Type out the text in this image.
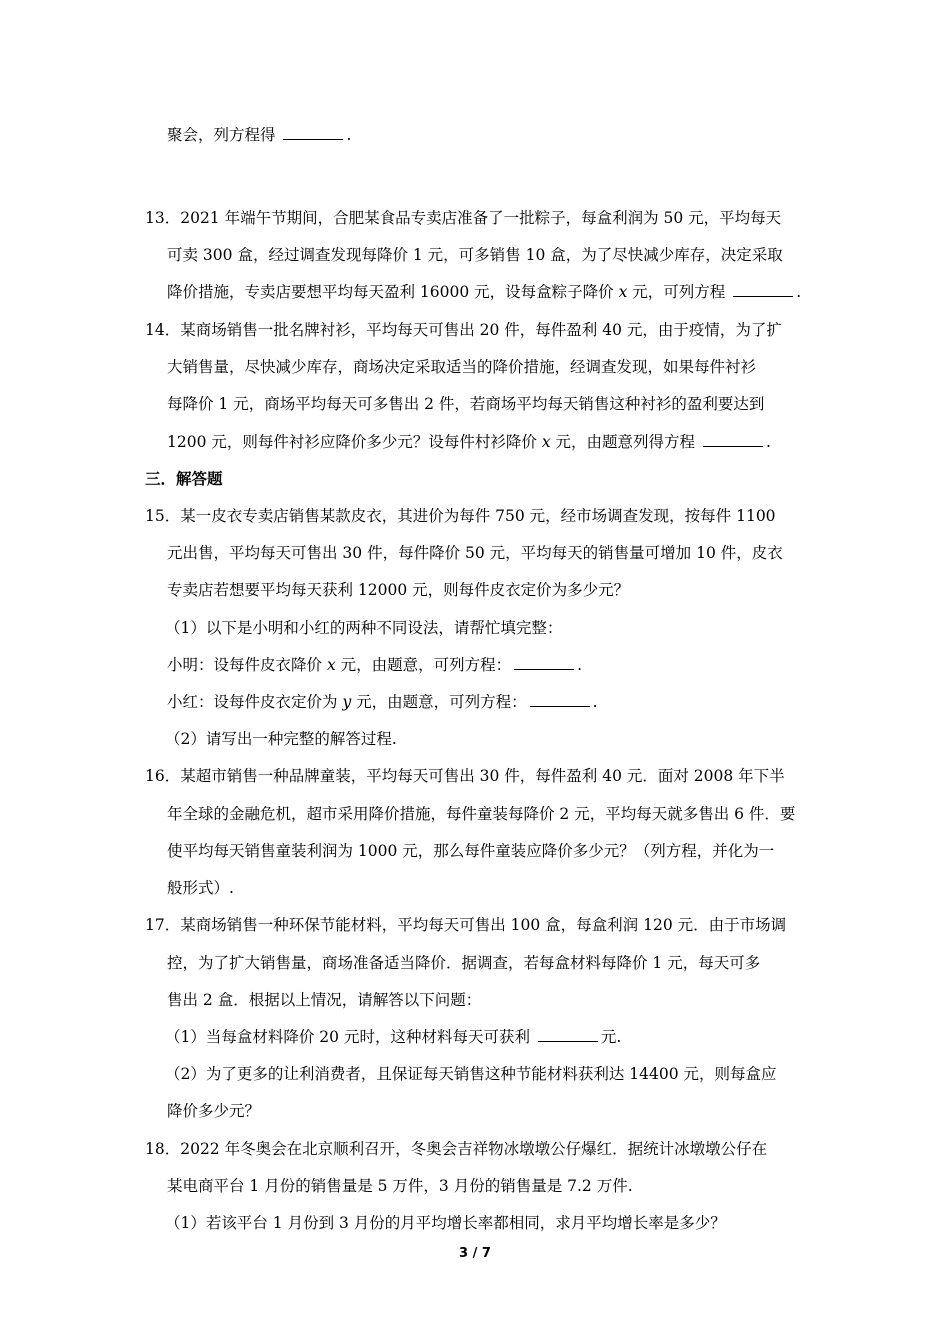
聚会，列方程得	.
13．2021 年端午节期间，合肥某食品专卖店准备了一批粽子，每盒利润为 50 元，平均每天
可卖 300 盒，经过调查发现每降价 1 元，可多销售 10 盒，为了尽快减少库存，决定采取
降价措施，专卖店要想平均每天盈利 16000 元，设每盒粽子降价 x 元，可列方程	.
14．某商场销售一批名牌衬衫，平均每天可售出 20 件，每件盈利 40 元，由于疫情，为了扩
大销售量，尽快减少库存，商场决定采取适当的降价措施，经调查发现，如果每件衬衫
每降价 1 元，商场平均每天可多售出 2 件，若商场平均每天销售这种衬衫的盈利要达到
1200 元，则每件衬衫应降价多少元？设每件村衫降价 x 元，由题意列得方程	.
三．解答题
15．某一皮衣专卖店销售某款皮衣，其进价为每件 750 元，经市场调查发现，按每件 1100
元出售，平均每天可售出 30 件，每件降价 50 元，平均每天的销售量可增加 10 件，皮衣
专卖店若想要平均每天获利 12000 元，则每件皮衣定价为多少元？
（1）以下是小明和小红的两种不同设法，请帮忙填完整：
小明：设每件皮衣降价 x 元，由题意，可列方程：	.
小红：设每件皮衣定价为 y 元，由题意，可列方程：	.
（2）请写出一种完整的解答过程.
16．某超市销售一种品牌童装，平均每天可售出 30 件，每件盈利 40 元．面对 2008 年下半
年全球的金融危机，超市采用降价措施，每件童装每降价 2 元，平均每天就多售出 6 件．要
使平均每天销售童装利润为 1000 元，那么每件童装应降价多少元？（列方程，并化为一
般形式）.
17．某商场销售一种环保节能材料，平均每天可售出 100 盒，每盒利润 120 元．由于市场调
控，为了扩大销售量，商场准备适当降价．据调查，若每盒材料每降价 1 元，每天可多
售出 2 盒．根据以上情况，请解答以下问题：
（1）当每盒材料降价 20 元时，这种材料每天可获利	元.
（2）为了更多的让利消费者，且保证每天销售这种节能材料获利达 14400 元，则每盒应
降价多少元？
18．2022 年冬奥会在北京顺利召开，冬奥会吉祥物冰墩墩公仔爆红．据统计冰墩墩公仔在
某电商平台 1 月份的销售量是 5 万件，3 月份的销售量是 7.2 万件.
（1）若该平台 1 月份到 3 月份的月平均增长率都相同，求月平均增长率是多少？
3 / 7
